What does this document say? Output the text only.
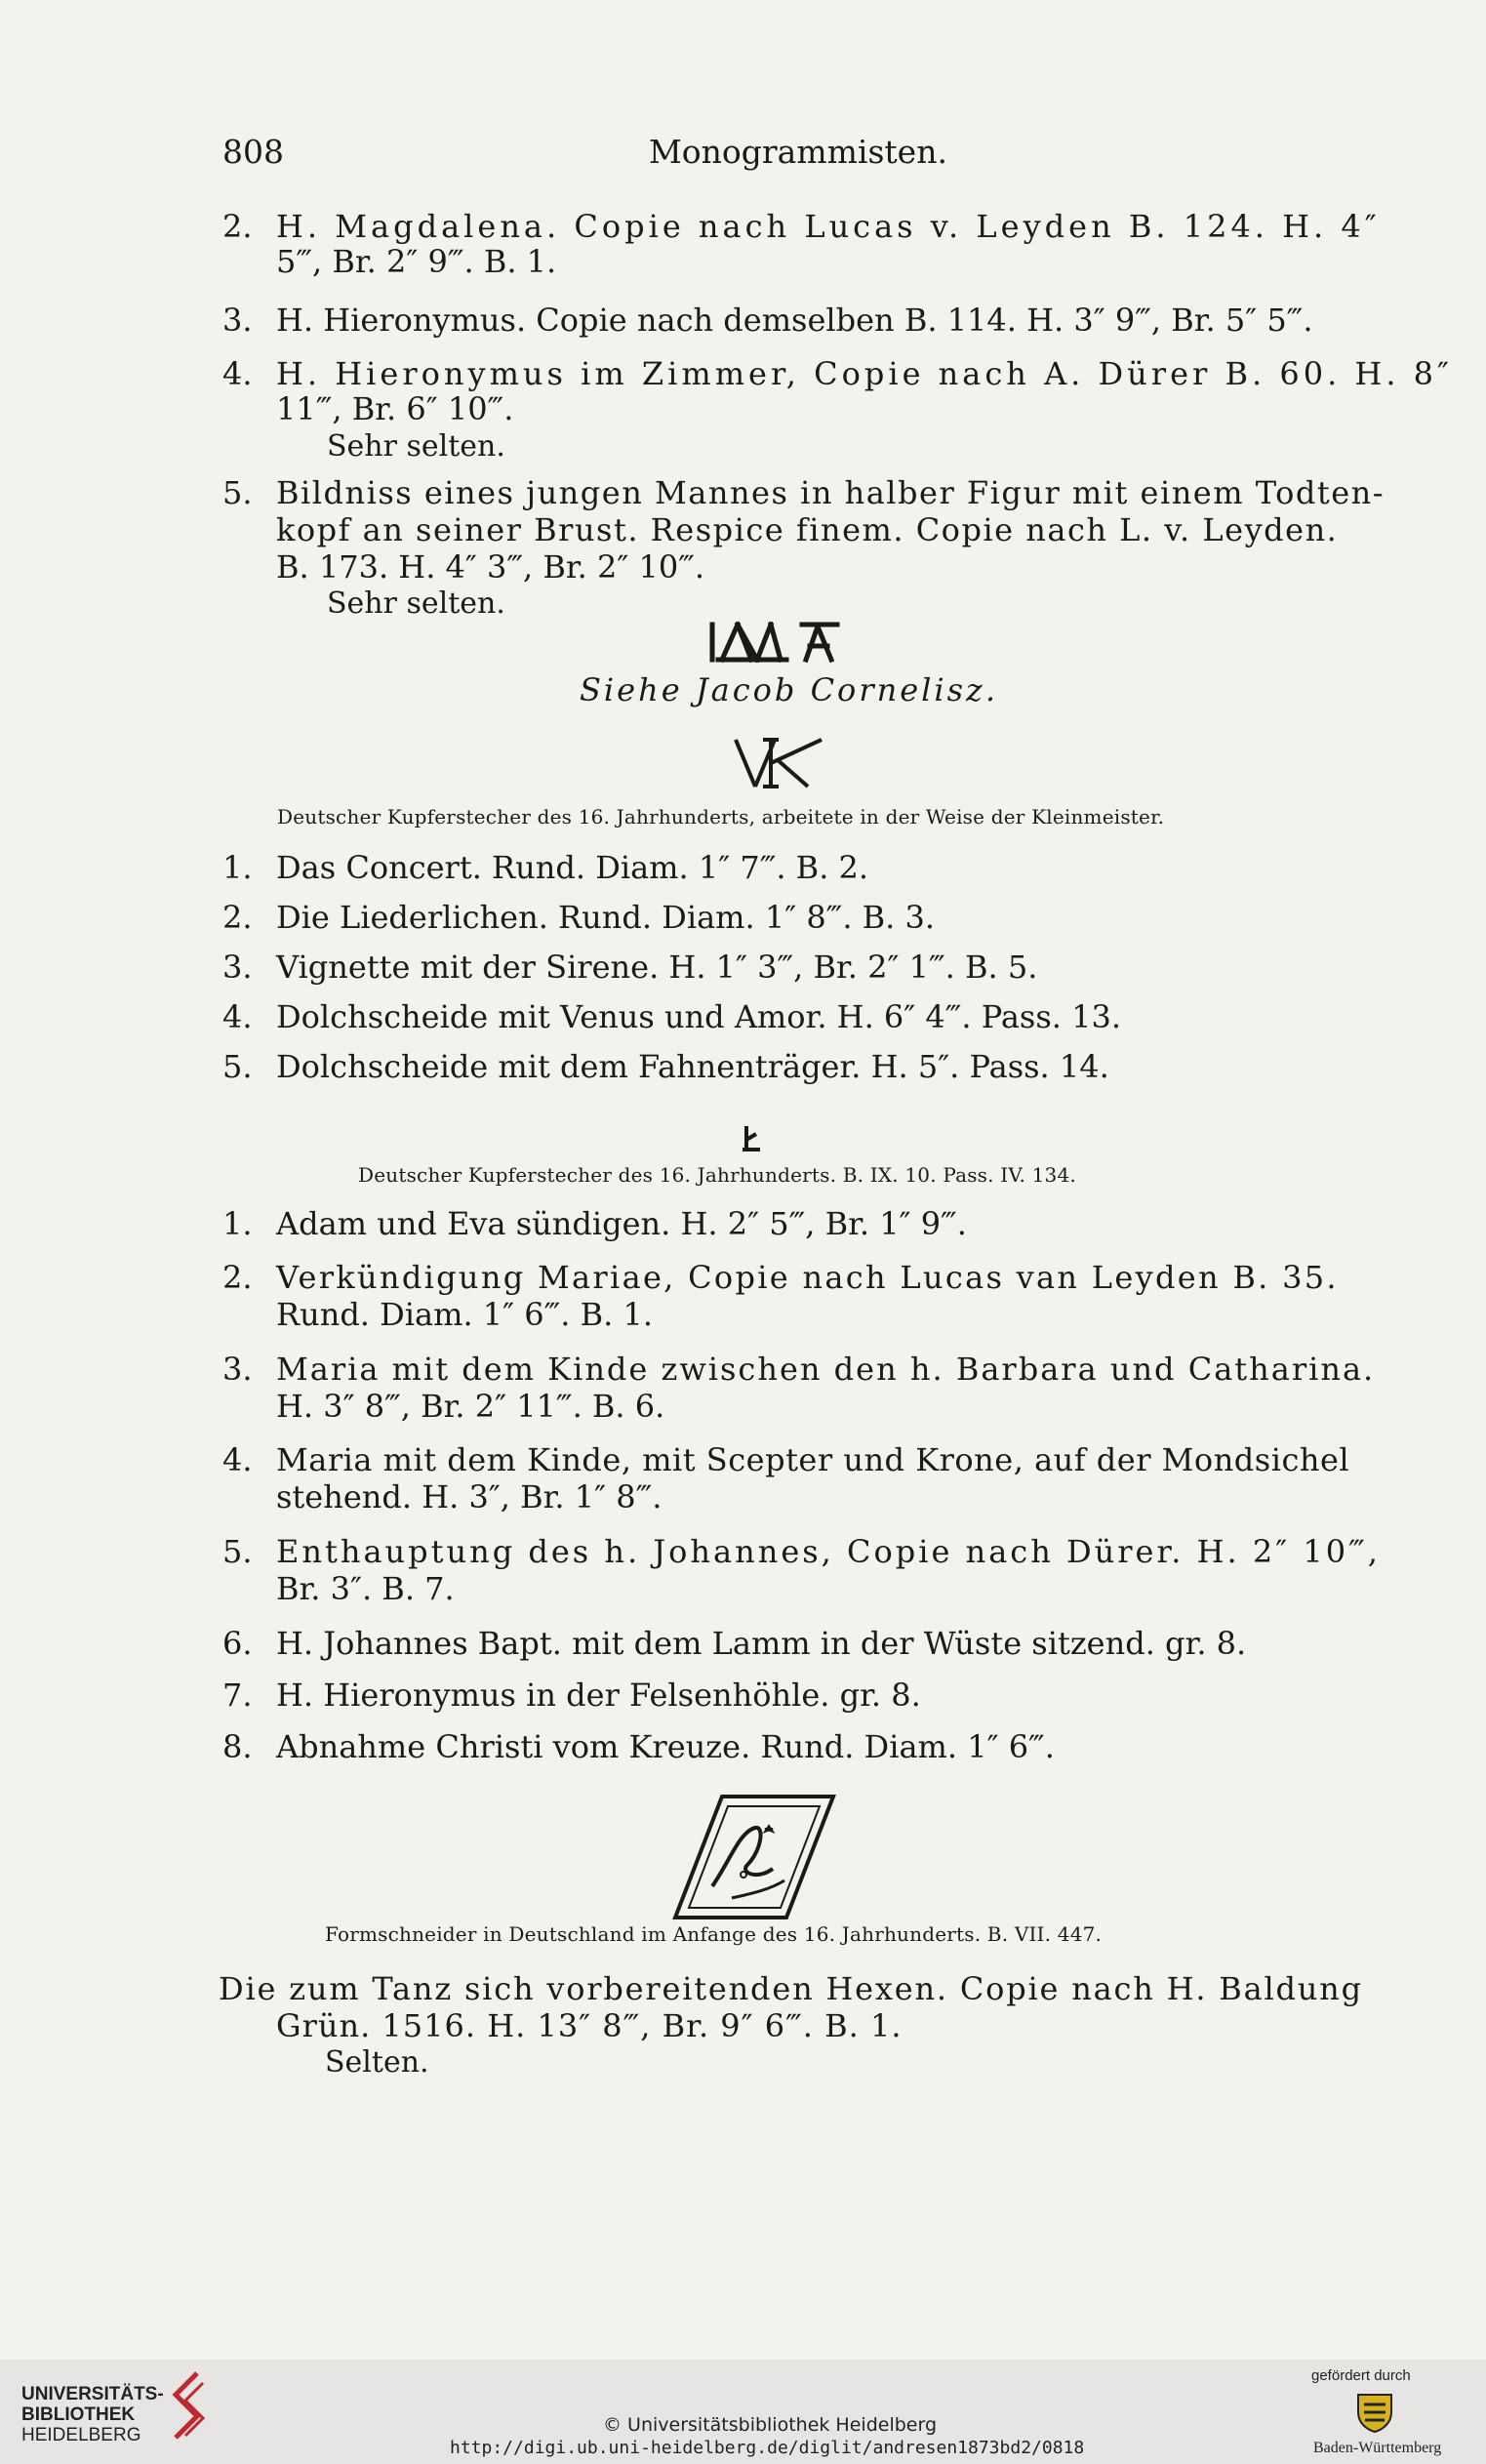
808	Monogrammisten.
2. H. Magdalena. Copie nach Lucas v. Leyden B. 124. H. 4″
5‴, Br. 2″ 9‴. B. 1.
3. H. Hieronymus. Copie nach demselben B. 114. H. 3″ 9‴, Br. 5″ 5‴.
4. H. Hieronymus im Zimmer, Copie nach A. Dürer B. 60. H. 8″
11‴, Br. 6″ 10‴.
Sehr selten.
5. Bildniss eines jungen Mannes in halber Figur mit einem Todten-
kopf an seiner Brust. Respice finem. Copie nach L. v. Leyden.
B. 173. H. 4″ 3‴, Br. 2″ 10‴.
Sehr selten.
Siehe Jacob Cornelisz.
Deutscher Kupferstecher des 16. Jahrhunderts, arbeitete in der Weise der Kleinmeister.
1. Das Concert. Rund. Diam. 1″ 7‴. B. 2.
2. Die Liederlichen. Rund. Diam. 1″ 8‴. B. 3.
3. Vignette mit der Sirene. H. 1″ 3‴, Br. 2″ 1‴. B. 5.
4. Dolchscheide mit Venus und Amor. H. 6″ 4‴. Pass. 13.
5. Dolchscheide mit dem Fahnenträger. H. 5″. Pass. 14.
Deutscher Kupferstecher des 16. Jahrhunderts. B. IX. 10. Pass. IV. 134.
1. Adam und Eva sündigen. H. 2″ 5‴, Br. 1″ 9‴.
2. Verkündigung Mariae, Copie nach Lucas van Leyden B. 35.
Rund. Diam. 1″ 6‴. B. 1.
3. Maria mit dem Kinde zwischen den h. Barbara und Catharina.
H. 3″ 8‴, Br. 2″ 11‴. B. 6.
4. Maria mit dem Kinde, mit Scepter und Krone, auf der Mondsichel
stehend. H. 3″, Br. 1″ 8‴.
5. Enthauptung des h. Johannes, Copie nach Dürer. H. 2″ 10‴,
Br. 3″. B. 7.
6. H. Johannes Bapt. mit dem Lamm in der Wüste sitzend. gr. 8.
7. H. Hieronymus in der Felsenhöhle. gr. 8.
8. Abnahme Christi vom Kreuze. Rund. Diam. 1″ 6‴.
Formschneider in Deutschland im Anfange des 16. Jahrhunderts. B. VII. 447.
Die zum Tanz sich vorbereitenden Hexen. Copie nach H. Baldung
Grün. 1516. H. 13″ 8‴, Br. 9″ 6‴. B. 1.
Selten.
UNIVERSITÄTS-
BIBLIOTHEK
HEIDELBERG	© Universitätsbibliothek Heidelberg
http://digi.ub.uni-heidelberg.de/diglit/andresen1873bd2/0818
gefördert durch
Baden-Württemberg
